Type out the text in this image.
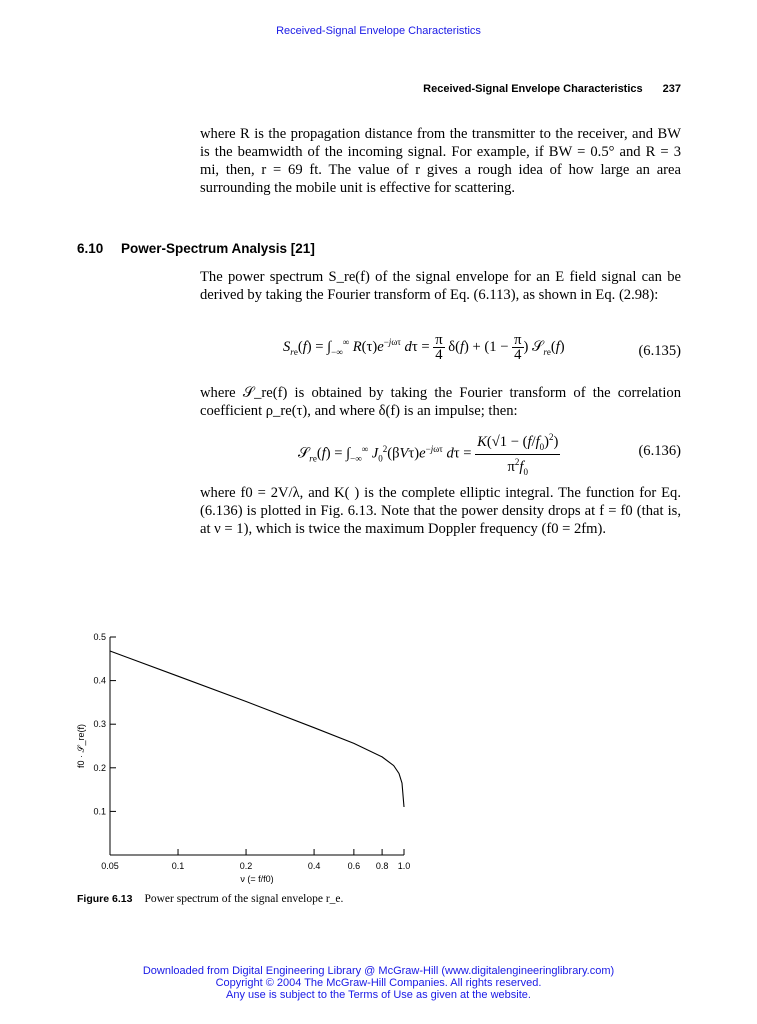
Received-Signal Envelope Characteristics
Received-Signal Envelope Characteristics 237
where R is the propagation distance from the transmitter to the receiver, and BW is the beamwidth of the incoming signal. For example, if BW = 0.5° and R = 3 mi, then, r = 69 ft. The value of r gives a rough idea of how large an area surrounding the mobile unit is effective for scattering.
6.10 Power-Spectrum Analysis [21]
The power spectrum S_re(f) of the signal envelope for an E field signal can be derived by taking the Fourier transform of Eq. (6.113), as shown in Eq. (2.98):
$S_{re}(f) = \int_{-\infty}^\infty$ $R(\tau)e^{-j\omega\tau}$ $d\tau = \frac{\pi}{4} \delta(f) + (1 - \frac{\pi}{4}$ ) 𝒮$_{re}$(f)	(6.135)
where 𝒮_re(f) is obtained by taking the Fourier transform of the correlation coefficient ρ_re(τ), and where δ(f) is an impulse; then:
𝒮$_{re}$(f) = $\int_{-\infty}^\infty$ $J_0^2(\beta V\tau)e^{-j\omega\tau}$ $d\tau = \frac{K(√1 - (f/f_0)^2)}{\pi^2f_0}$	(6.136)
where f0 = 2V/λ, and K( ) is the complete elliptic integral. The function for Eq. (6.136) is plotted in Fig. 6.13. Note that the power density drops at f = f0 (that is, at ν = 1), which is twice the maximum Doppler frequency (f0 = 2fm).
0.05	0.1	0.2	0.4	0.6 0.8 1.0
0.1
0.2
0.3
0.4
0.5
ν (= f/f0)
f0 · 𝒮_re(f)
Figure 6.13 Power spectrum of the signal envelope r_e.
Downloaded from Digital Engineering Library @ McGraw-Hill (www.digitalengineeringlibrary.com)
Copyright © 2004 The McGraw-Hill Companies. All rights reserved.
Any use is subject to the Terms of Use as given at the website.
